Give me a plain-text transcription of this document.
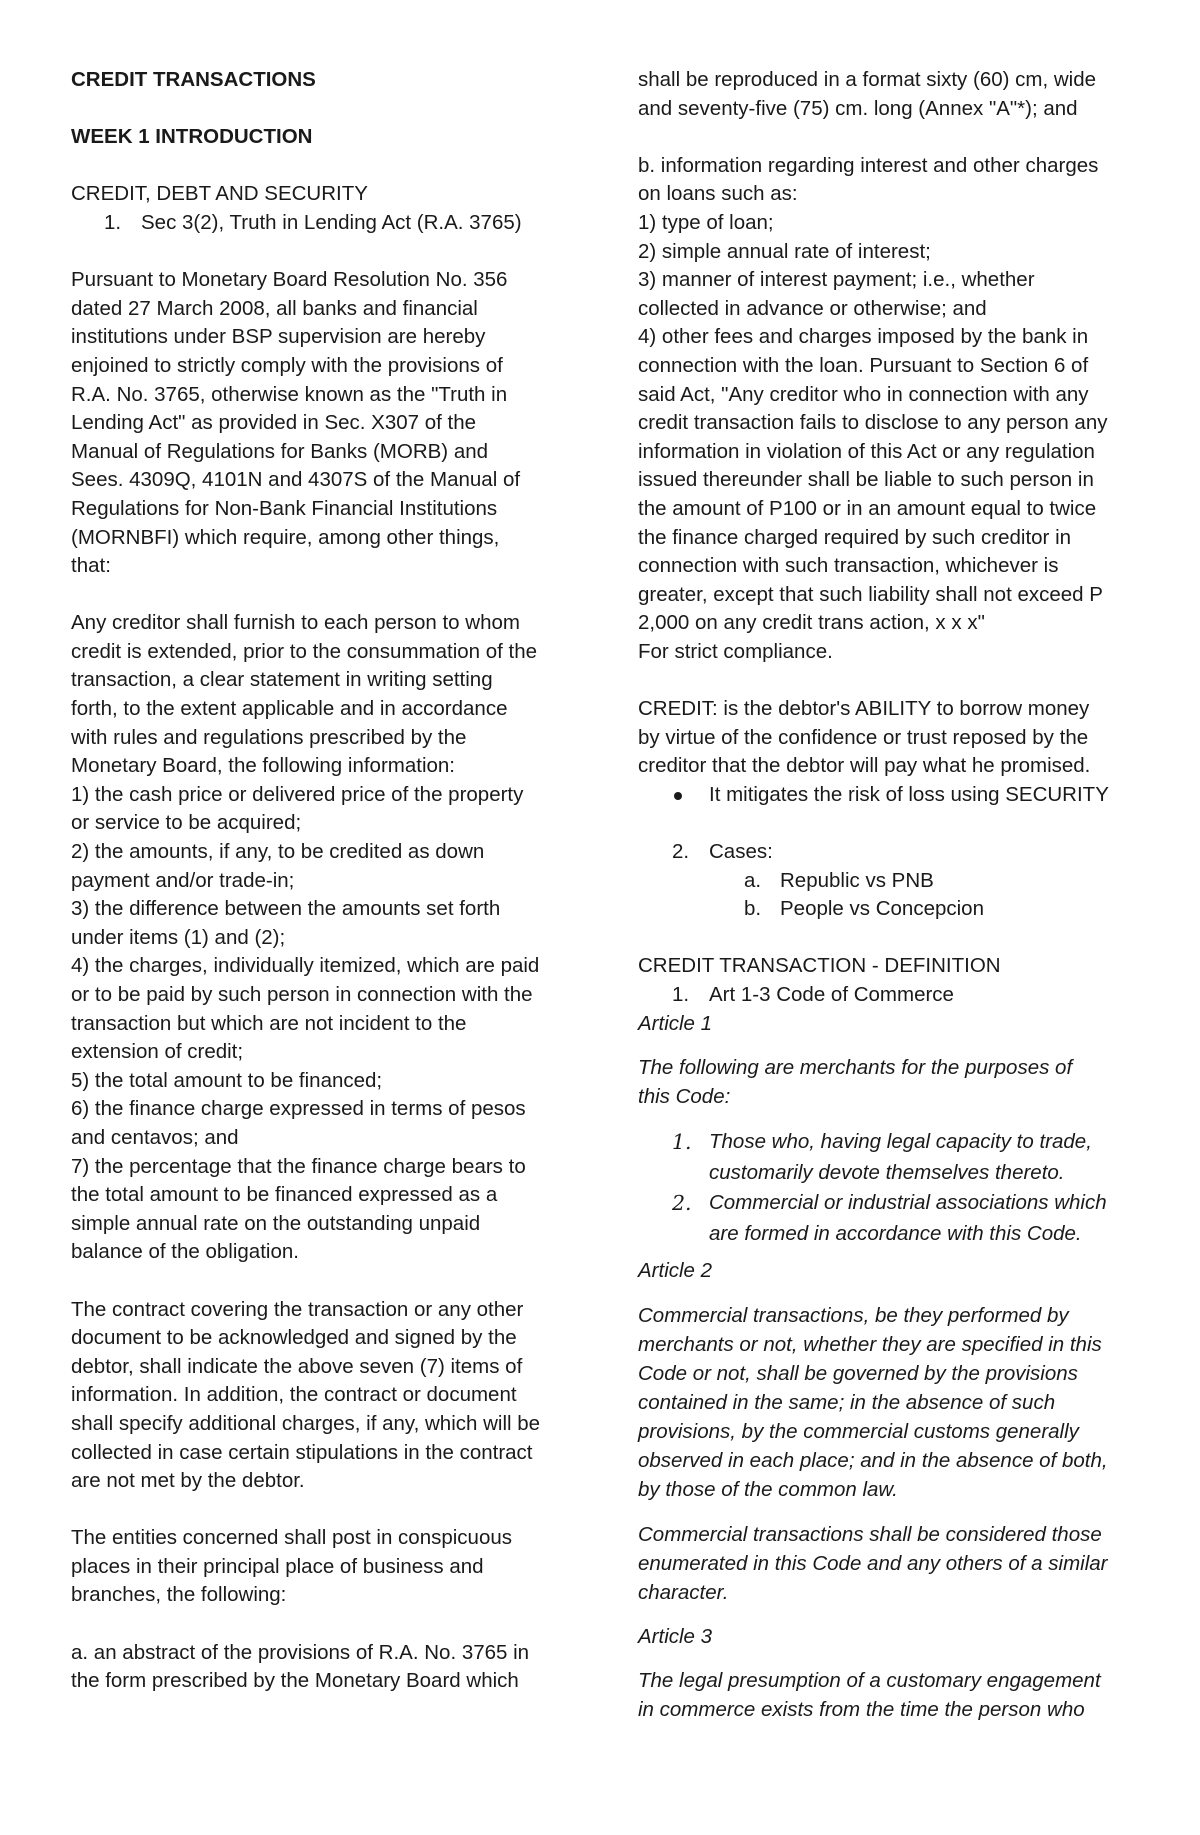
CREDIT TRANSACTIONS

WEEK 1 INTRODUCTION

CREDIT, DEBT AND SECURITY

1. Sec 3(2), Truth in Lending Act (R.A. 3765)

Pursuant to Monetary Board Resolution No. 356

dated 27 March 2008, all banks and financial

institutions under BSP supervision are hereby

enjoined to strictly comply with the provisions of

R.A. No. 3765, otherwise known as the "Truth in

Lending Act" as provided in Sec. X307 of the

Manual of Regulations for Banks (MORB) and

Sees. 4309Q, 4101N and 4307S of the Manual of

Regulations for Non-Bank Financial Institutions

(MORNBFI) which require, among other things,

that:

Any creditor shall furnish to each person to whom

credit is extended, prior to the consummation of the

transaction, a clear statement in writing setting

forth, to the extent applicable and in accordance

with rules and regulations prescribed by the

Monetary Board, the following information:

1) the cash price or delivered price of the property

or service to be acquired;

2) the amounts, if any, to be credited as down

payment and/or trade-in;

3) the difference between the amounts set forth

under items (1) and (2);

4) the charges, individually itemized, which are paid

or to be paid by such person in connection with the

transaction but which are not incident to the

extension of credit;

5) the total amount to be financed;

6) the finance charge expressed in terms of pesos

and centavos; and

7) the percentage that the finance charge bears to

the total amount to be financed expressed as a

simple annual rate on the outstanding unpaid

balance of the obligation.

The contract covering the transaction or any other

document to be acknowledged and signed by the

debtor, shall indicate the above seven (7) items of

information. In addition, the contract or document

shall specify additional charges, if any, which will be

collected in case certain stipulations in the contract

are not met by the debtor.

The entities concerned shall post in conspicuous

places in their principal place of business and

branches, the following:

a. an abstract of the provisions of R.A. No. 3765 in

the form prescribed by the Monetary Board which

shall be reproduced in a format sixty (60) cm, wide

and seventy-five (75) cm. long (Annex "A"*); and

b. information regarding interest and other charges

on loans such as:

1) type of loan;

2) simple annual rate of interest;

3) manner of interest payment; i.e., whether

collected in advance or otherwise; and

4) other fees and charges imposed by the bank in

connection with the loan. Pursuant to Section 6 of

said Act, "Any creditor who in connection with any

credit transaction fails to disclose to any person any

information in violation of this Act or any regulation

issued thereunder shall be liable to such person in

the amount of P100 or in an amount equal to twice

the finance charged required by such creditor in

connection with such transaction, whichever is

greater, except that such liability shall not exceed P

2,000 on any credit trans action, x x x"

For strict compliance.

CREDIT: is the debtor's ABILITY to borrow money

by virtue of the confidence or trust reposed by the

creditor that the debtor will pay what he promised.

It mitigates the risk of loss using SECURITY
2. Cases:
a. Republic vs PNB
b. People vs Concepcion

CREDIT TRANSACTION - DEFINITION

1. Art 1-3 Code of Commerce

Article 1

The following are merchants for the purposes of

this Code:

1. Those who, having legal capacity to trade,

customarily devote themselves thereto.

2. Commercial or industrial associations which

are formed in accordance with this Code.

Article 2

Commercial transactions, be they performed by

merchants or not, whether they are specified in this

Code or not, shall be governed by the provisions

contained in the same; in the absence of such

provisions, by the commercial customs generally

observed in each place; and in the absence of both,

by those of the common law.

Commercial transactions shall be considered those

enumerated in this Code and any others of a similar

character.

Article 3

The legal presumption of a customary engagement

in commerce exists from the time the person who
